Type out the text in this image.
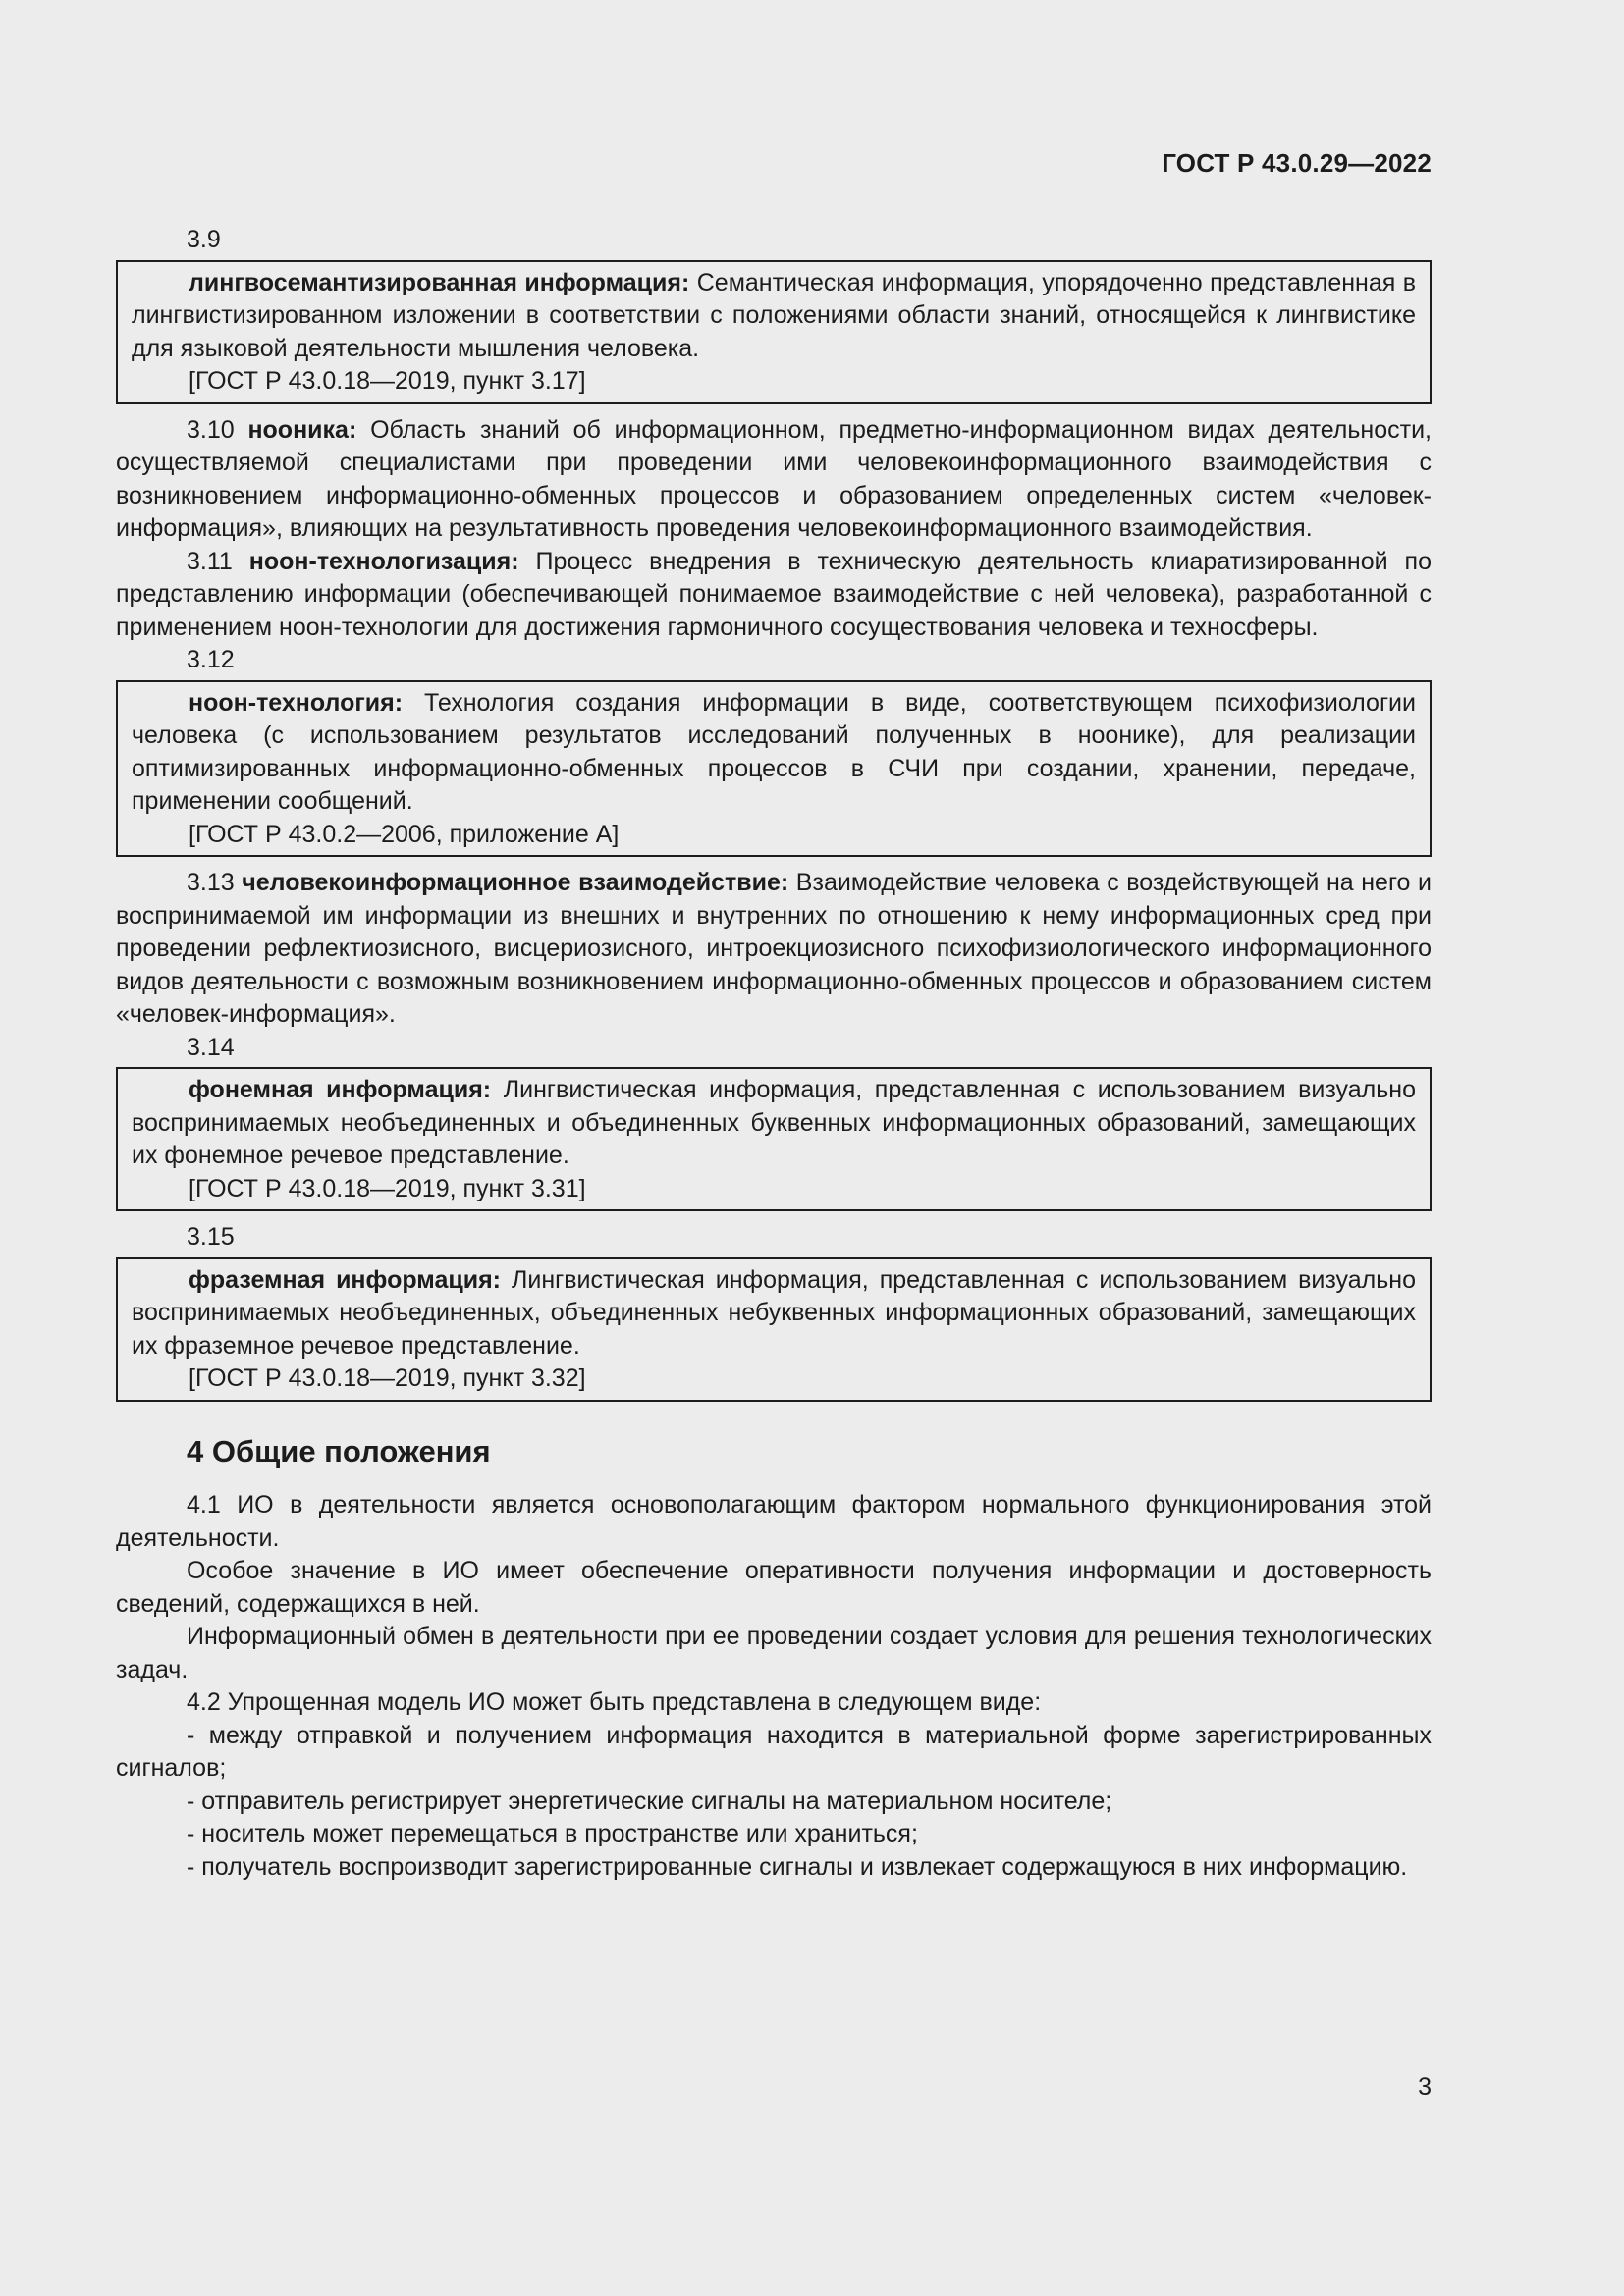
ГОСТ Р 43.0.29—2022
3.9

лингвосемантизированная информация: Семантическая информация, упорядоченно представленная в лингвистизированном изложении в соответствии с положениями области знаний, относящейся к лингвистике для языковой деятельности мышления человека.

[ГОСТ Р 43.0.18—2019, пункт 3.17]

3.10 нооника: Область знаний об информационном, предметно-информационном видах деятельности, осуществляемой специалистами при проведении ими человекоинформационного взаимодействия с возникновением информационно-обменных процессов и образованием определенных систем «человек-информация», влияющих на результативность проведения человекоинформационного взаимодействия.

3.11 ноон-технологизация: Процесс внедрения в техническую деятельность клиаратизированной по представлению информации (обеспечивающей понимаемое взаимодействие с ней человека), разработанной с применением ноон-технологии для достижения гармоничного сосуществования человека и техносферы.

3.12

ноон-технология: Технология создания информации в виде, соответствующем психофизиологии человека (с использованием результатов исследований полученных в ноонике), для реализации оптимизированных информационно-обменных процессов в СЧИ при создании, хранении, передаче, применении сообщений.

[ГОСТ Р 43.0.2—2006, приложение А]

3.13 человекоинформационное взаимодействие: Взаимодействие человека с воздействующей на него и воспринимаемой им информации из внешних и внутренних по отношению к нему информационных сред при проведении рефлектиозисного, висцериозисного, интроекциозисного психофизиологического информационного видов деятельности с возможным возникновением информационно-обменных процессов и образованием систем «человек-информация».

3.14

фонемная информация: Лингвистическая информация, представленная с использованием визуально воспринимаемых необъединенных и объединенных буквенных информационных образований, замещающих их фонемное речевое представление.

[ГОСТ Р 43.0.18—2019, пункт 3.31]
3.15

фраземная информация: Лингвистическая информация, представленная с использованием визуально воспринимаемых необъединенных, объединенных небуквенных информационных образований, замещающих их фраземное речевое представление.

[ГОСТ Р 43.0.18—2019, пункт 3.32]
4 Общие положения

4.1 ИО в деятельности является основополагающим фактором нормального функционирования этой деятельности.

Особое значение в ИО имеет обеспечение оперативности получения информации и достоверность сведений, содержащихся в ней.

Информационный обмен в деятельности при ее проведении создает условия для решения технологических задач.

4.2 Упрощенная модель ИО может быть представлена в следующем виде:

- между отправкой и получением информация находится в материальной форме зарегистрированных сигналов;

- отправитель регистрирует энергетические сигналы на материальном носителе;

- носитель может перемещаться в пространстве или храниться;

- получатель воспроизводит зарегистрированные сигналы и извлекает содержащуюся в них информацию.

3
